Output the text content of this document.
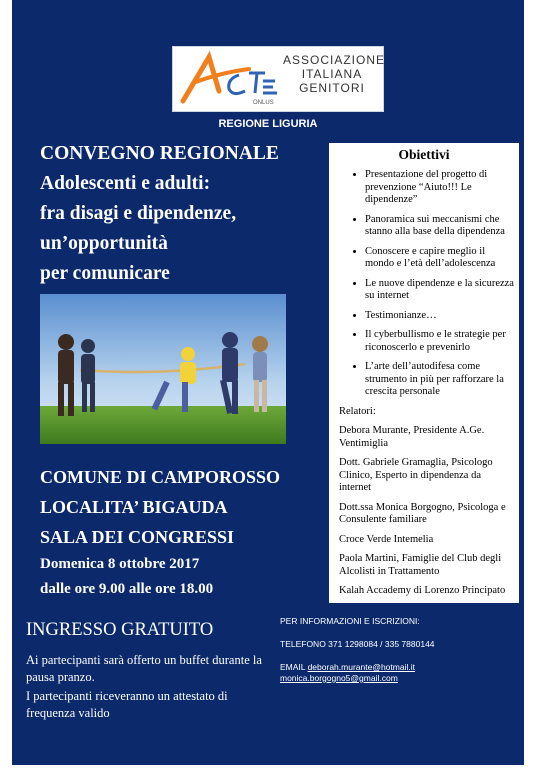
ONLUS
ASSOCIAZIONE
ITALIANA
GENITORI
REGIONE LIGURIA
CONVEGNO REGIONALE
Adolescenti e adulti:
fra disagi e dipendenze,
un’opportunità
per comunicare
COMUNE DI CAMPOROSSO
LOCALITA’ BIGAUDA
SALA DEI CONGRESSI
Domenica 8 ottobre 2017
dalle ore 9.00 alle ore 18.00
INGRESSO GRATUITO
Ai partecipanti sarà offerto un buffet durante la pausa pranzo.
I partecipanti riceveranno un attestato di frequenza valido
Obiettivi
• Presentazione del progetto di prevenzione “Aiuto!!! Le dipendenze”
• Panoramica sui meccanismi che stanno alla base della dipendenza
• Conoscere e capire meglio il mondo e l’età dell’adolescenza
• Le nuove dipendenze e la sicurezza su internet
• Testimonianze…
• Il cyberbullismo e le strategie per riconoscerlo e prevenirlo
• L’arte dell’autodifesa come strumento in più per rafforzare la crescita personale
Relatori:
Debora Murante, Presidente A.Ge. Ventimiglia
Dott. Gabriele Gramaglia, Psicologo Clinico, Esperto in dipendenza da internet
Dott.ssa Monica Borgogno, Psicologa e Consulente familiare
Croce Verde Intemelia
Paola Martini, Famiglie del Club degli Alcolisti in Trattamento
Kalah Accademy di Lorenzo Principato
PER INFORMAZIONI E ISCRIZIONI:
TELEFONO 371 1298084 / 335 7880144
EMAIL deborah.murante@hotmail.it
monica.borgogno5@gmail.com
